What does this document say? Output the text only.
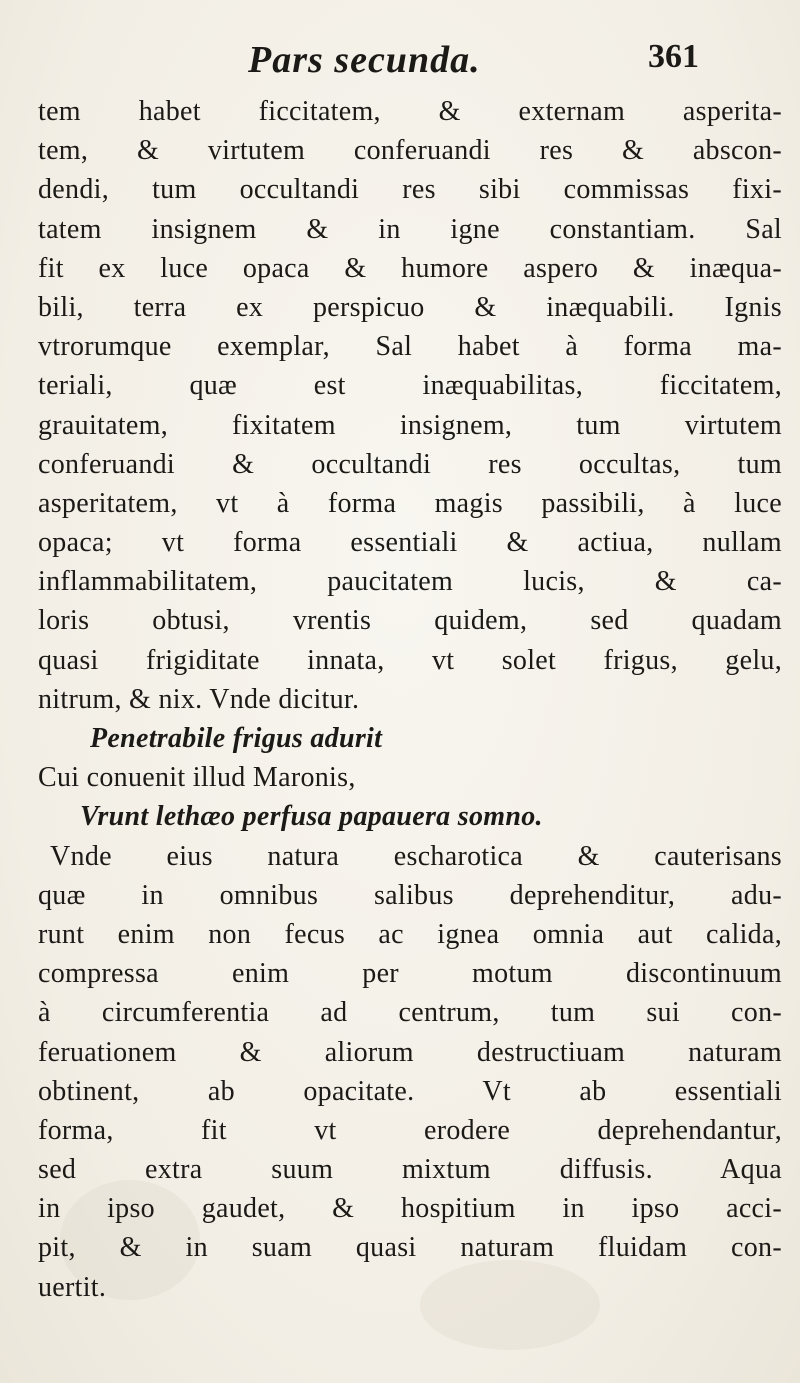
Pars secunda.	361
tem habet ficcitatem, & externam asperita-
tem, & virtutem conferuandi res & abscon-
dendi, tum occultandi res sibi commissas fixi-
tatem insignem & in igne constantiam. Sal
fit ex luce opaca & humore aspero & inæqua-
bili, terra ex perspicuo & inæquabili. Ignis
vtrorumque exemplar, Sal habet à forma ma-
teriali, quæ est inæquabilitas, ficcitatem,
grauitatem, fixitatem insignem, tum virtutem
conferuandi & occultandi res occultas, tum
asperitatem, vt à forma magis passibili, à luce
opaca; vt forma essentiali & actiua, nullam
inflammabilitatem, paucitatem lucis, & ca-
loris obtusi, vrentis quidem, sed quadam
quasi frigiditate innata, vt solet frigus, gelu,
nitrum, & nix. Vnde dicitur.
Penetrabile frigus adurit
Cui conuenit illud Maronis,
Vrunt lethæo perfusa papauera somno.
Vnde eius natura escharotica & cauterisans
quæ in omnibus salibus deprehenditur, adu-
runt enim non fecus ac ignea omnia aut calida,
compressa enim per motum discontinuum
à circumferentia ad centrum, tum sui con-
feruationem & aliorum destructiuam naturam
obtinent, ab opacitate. Vt ab essentiali
forma, fit vt erodere deprehendantur,
sed extra suum mixtum diffusis. Aqua
in ipso gaudet, & hospitium in ipso acci-
pit, & in suam quasi naturam fluidam con-
uertit.
